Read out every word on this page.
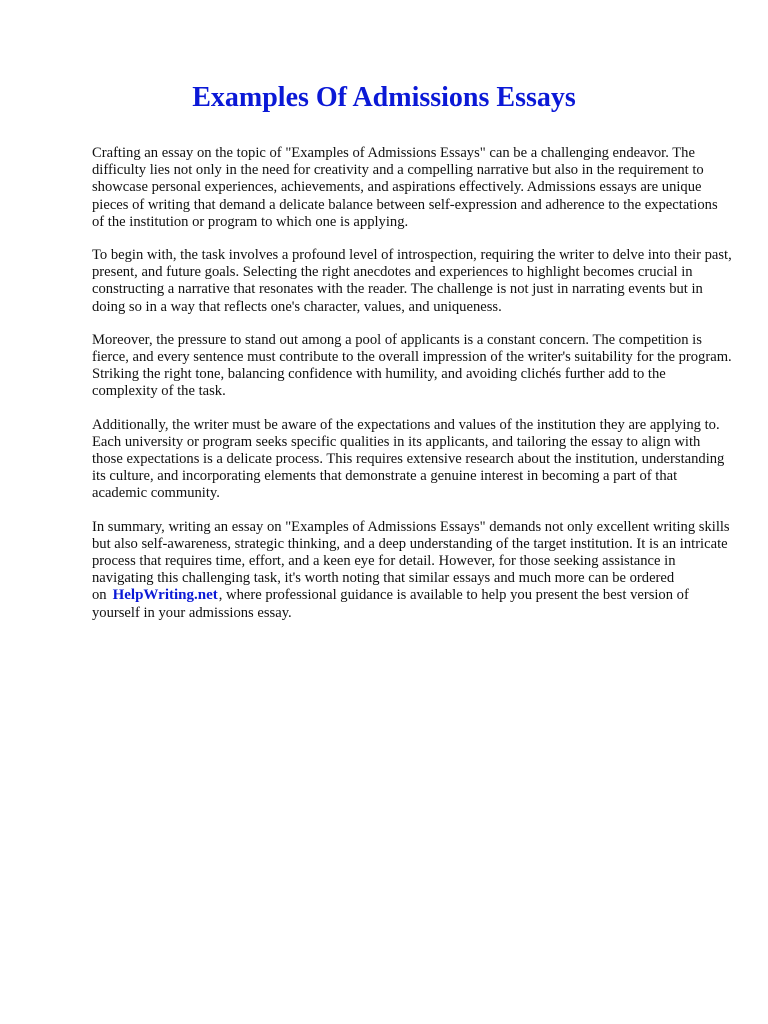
Examples Of Admissions Essays

Crafting an essay on the topic of "Examples of Admissions Essays" can be a challenging endeavor. The difficulty lies not only in the need for creativity and a compelling narrative but also in the requirement to showcase personal experiences, achievements, and aspirations effectively. Admissions essays are unique pieces of writing that demand a delicate balance between self-expression and adherence to the expectations of the institution or program to which one is applying.

To begin with, the task involves a profound level of introspection, requiring the writer to delve into their past, present, and future goals. Selecting the right anecdotes and experiences to highlight becomes crucial in constructing a narrative that resonates with the reader. The challenge is not just in narrating events but in doing so in a way that reflects one's character, values, and uniqueness.

Moreover, the pressure to stand out among a pool of applicants is a constant concern. The competition is fierce, and every sentence must contribute to the overall impression of the writer's suitability for the program. Striking the right tone, balancing confidence with humility, and avoiding clichés further add to the complexity of the task.

Additionally, the writer must be aware of the expectations and values of the institution they are applying to. Each university or program seeks specific qualities in its applicants, and tailoring the essay to align with those expectations is a delicate process. This requires extensive research about the institution, understanding its culture, and incorporating elements that demonstrate a genuine interest in becoming a part of that academic community.

In summary, writing an essay on "Examples of Admissions Essays" demands not only excellent writing skills but also self-awareness, strategic thinking, and a deep understanding of the target institution. It is an intricate process that requires time, effort, and a keen eye for detail. However, for those seeking assistance in navigating this challenging task, it's worth noting that similar essays and much more can be ordered on HelpWriting.net, where professional guidance is available to help you present the best version of yourself in your admissions essay.
